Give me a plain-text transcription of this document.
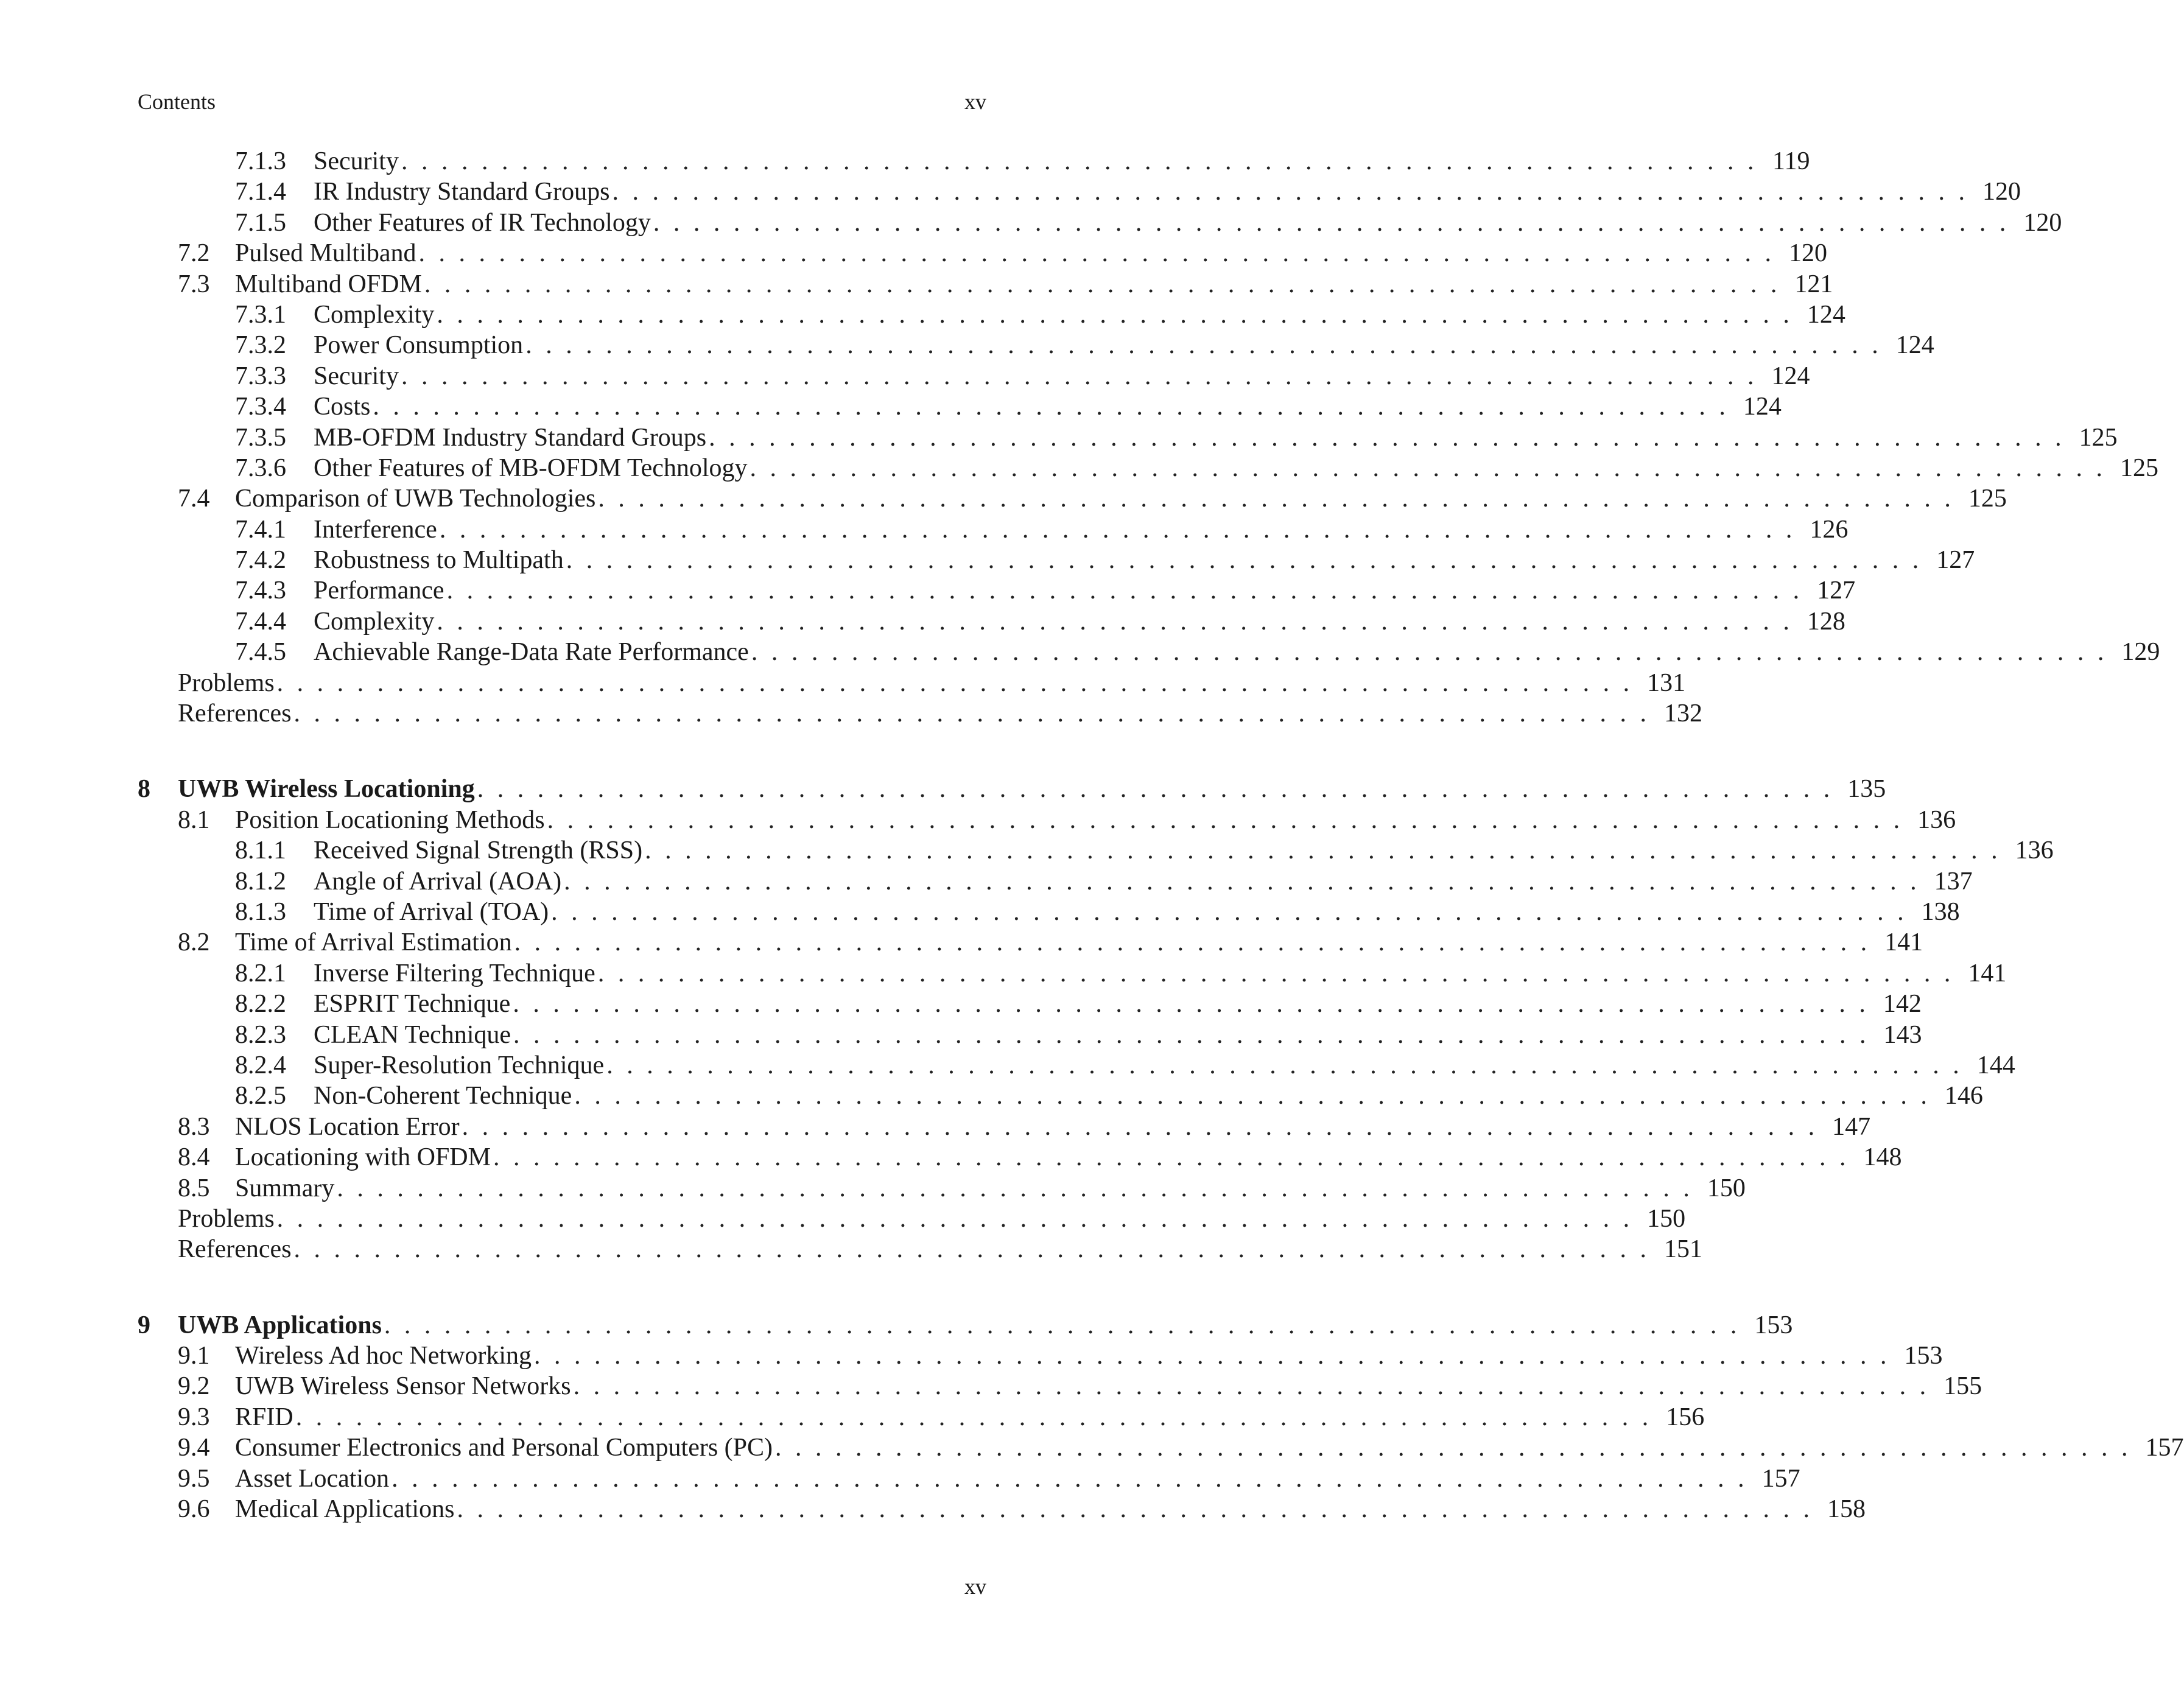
Contents	xv
7.1.3 Security . . . . . . . . . . . . . . . . . . . . . . . . . . . . . . . . . . . . . . . . . . . . . . . . . . . . . . . . . . . . . . . . . . . . 119
7.1.4 IR Industry Standard Groups . . . . . . . . . . . . . . . . . . . . . . . . . . . . . . . . . . . . . . . . . . . . . . . . . . . . . . . . . . . . . . . . . . . . 120
7.1.5 Other Features of IR Technology . . . . . . . . . . . . . . . . . . . . . . . . . . . . . . . . . . . . . . . . . . . . . . . . . . . . . . . . . . . . . . . . . . . . 120
7.2 Pulsed Multiband . . . . . . . . . . . . . . . . . . . . . . . . . . . . . . . . . . . . . . . . . . . . . . . . . . . . . . . . . . . . . . . . . . . . 120
7.3 Multiband OFDM . . . . . . . . . . . . . . . . . . . . . . . . . . . . . . . . . . . . . . . . . . . . . . . . . . . . . . . . . . . . . . . . . . . . 121
7.3.1 Complexity . . . . . . . . . . . . . . . . . . . . . . . . . . . . . . . . . . . . . . . . . . . . . . . . . . . . . . . . . . . . . . . . . . . . 124
7.3.2 Power Consumption . . . . . . . . . . . . . . . . . . . . . . . . . . . . . . . . . . . . . . . . . . . . . . . . . . . . . . . . . . . . . . . . . . . . 124
7.3.3 Security . . . . . . . . . . . . . . . . . . . . . . . . . . . . . . . . . . . . . . . . . . . . . . . . . . . . . . . . . . . . . . . . . . . . 124
7.3.4 Costs . . . . . . . . . . . . . . . . . . . . . . . . . . . . . . . . . . . . . . . . . . . . . . . . . . . . . . . . . . . . . . . . . . . . 124
7.3.5 MB-OFDM Industry Standard Groups . . . . . . . . . . . . . . . . . . . . . . . . . . . . . . . . . . . . . . . . . . . . . . . . . . . . . . . . . . . . . . . . . . . . 125
7.3.6 Other Features of MB-OFDM Technology . . . . . . . . . . . . . . . . . . . . . . . . . . . . . . . . . . . . . . . . . . . . . . . . . . . . . . . . . . . . . . . . . . . . 125
7.4 Comparison of UWB Technologies . . . . . . . . . . . . . . . . . . . . . . . . . . . . . . . . . . . . . . . . . . . . . . . . . . . . . . . . . . . . . . . . . . . . 125
7.4.1 Interference . . . . . . . . . . . . . . . . . . . . . . . . . . . . . . . . . . . . . . . . . . . . . . . . . . . . . . . . . . . . . . . . . . . . 126
7.4.2 Robustness to Multipath . . . . . . . . . . . . . . . . . . . . . . . . . . . . . . . . . . . . . . . . . . . . . . . . . . . . . . . . . . . . . . . . . . . . 127
7.4.3 Performance . . . . . . . . . . . . . . . . . . . . . . . . . . . . . . . . . . . . . . . . . . . . . . . . . . . . . . . . . . . . . . . . . . . . 127
7.4.4 Complexity . . . . . . . . . . . . . . . . . . . . . . . . . . . . . . . . . . . . . . . . . . . . . . . . . . . . . . . . . . . . . . . . . . . . 128
7.4.5 Achievable Range-Data Rate Performance . . . . . . . . . . . . . . . . . . . . . . . . . . . . . . . . . . . . . . . . . . . . . . . . . . . . . . . . . . . . . . . . . . . . 129
Problems . . . . . . . . . . . . . . . . . . . . . . . . . . . . . . . . . . . . . . . . . . . . . . . . . . . . . . . . . . . . . . . . . . . . 131
References . . . . . . . . . . . . . . . . . . . . . . . . . . . . . . . . . . . . . . . . . . . . . . . . . . . . . . . . . . . . . . . . . . . . 132
8 UWB Wireless Locationing . . . . . . . . . . . . . . . . . . . . . . . . . . . . . . . . . . . . . . . . . . . . . . . . . . . . . . . . . . . . . . . . . . . . 135
8.1 Position Locationing Methods . . . . . . . . . . . . . . . . . . . . . . . . . . . . . . . . . . . . . . . . . . . . . . . . . . . . . . . . . . . . . . . . . . . . 136
8.1.1 Received Signal Strength (RSS) . . . . . . . . . . . . . . . . . . . . . . . . . . . . . . . . . . . . . . . . . . . . . . . . . . . . . . . . . . . . . . . . . . . . 136
8.1.2 Angle of Arrival (AOA) . . . . . . . . . . . . . . . . . . . . . . . . . . . . . . . . . . . . . . . . . . . . . . . . . . . . . . . . . . . . . . . . . . . . 137
8.1.3 Time of Arrival (TOA) . . . . . . . . . . . . . . . . . . . . . . . . . . . . . . . . . . . . . . . . . . . . . . . . . . . . . . . . . . . . . . . . . . . . 138
8.2 Time of Arrival Estimation . . . . . . . . . . . . . . . . . . . . . . . . . . . . . . . . . . . . . . . . . . . . . . . . . . . . . . . . . . . . . . . . . . . . 141
8.2.1 Inverse Filtering Technique . . . . . . . . . . . . . . . . . . . . . . . . . . . . . . . . . . . . . . . . . . . . . . . . . . . . . . . . . . . . . . . . . . . . 141
8.2.2 ESPRIT Technique . . . . . . . . . . . . . . . . . . . . . . . . . . . . . . . . . . . . . . . . . . . . . . . . . . . . . . . . . . . . . . . . . . . . 142
8.2.3 CLEAN Technique . . . . . . . . . . . . . . . . . . . . . . . . . . . . . . . . . . . . . . . . . . . . . . . . . . . . . . . . . . . . . . . . . . . . 143
8.2.4 Super-Resolution Technique . . . . . . . . . . . . . . . . . . . . . . . . . . . . . . . . . . . . . . . . . . . . . . . . . . . . . . . . . . . . . . . . . . . . 144
8.2.5 Non-Coherent Technique . . . . . . . . . . . . . . . . . . . . . . . . . . . . . . . . . . . . . . . . . . . . . . . . . . . . . . . . . . . . . . . . . . . . 146
8.3 NLOS Location Error . . . . . . . . . . . . . . . . . . . . . . . . . . . . . . . . . . . . . . . . . . . . . . . . . . . . . . . . . . . . . . . . . . . . 147
8.4 Locationing with OFDM . . . . . . . . . . . . . . . . . . . . . . . . . . . . . . . . . . . . . . . . . . . . . . . . . . . . . . . . . . . . . . . . . . . . 148
8.5 Summary . . . . . . . . . . . . . . . . . . . . . . . . . . . . . . . . . . . . . . . . . . . . . . . . . . . . . . . . . . . . . . . . . . . . 150
Problems . . . . . . . . . . . . . . . . . . . . . . . . . . . . . . . . . . . . . . . . . . . . . . . . . . . . . . . . . . . . . . . . . . . . 150
References . . . . . . . . . . . . . . . . . . . . . . . . . . . . . . . . . . . . . . . . . . . . . . . . . . . . . . . . . . . . . . . . . . . . 151
9 UWB Applications . . . . . . . . . . . . . . . . . . . . . . . . . . . . . . . . . . . . . . . . . . . . . . . . . . . . . . . . . . . . . . . . . . . . 153
9.1 Wireless Ad hoc Networking . . . . . . . . . . . . . . . . . . . . . . . . . . . . . . . . . . . . . . . . . . . . . . . . . . . . . . . . . . . . . . . . . . . . 153
9.2 UWB Wireless Sensor Networks . . . . . . . . . . . . . . . . . . . . . . . . . . . . . . . . . . . . . . . . . . . . . . . . . . . . . . . . . . . . . . . . . . . . 155
9.3 RFID . . . . . . . . . . . . . . . . . . . . . . . . . . . . . . . . . . . . . . . . . . . . . . . . . . . . . . . . . . . . . . . . . . . . 156
9.4 Consumer Electronics and Personal Computers (PC) . . . . . . . . . . . . . . . . . . . . . . . . . . . . . . . . . . . . . . . . . . . . . . . . . . . . . . . . . . . . . . . . . . . . 157
9.5 Asset Location . . . . . . . . . . . . . . . . . . . . . . . . . . . . . . . . . . . . . . . . . . . . . . . . . . . . . . . . . . . . . . . . . . . . 157
9.6 Medical Applications . . . . . . . . . . . . . . . . . . . . . . . . . . . . . . . . . . . . . . . . . . . . . . . . . . . . . . . . . . . . . . . . . . . . 158
xv
